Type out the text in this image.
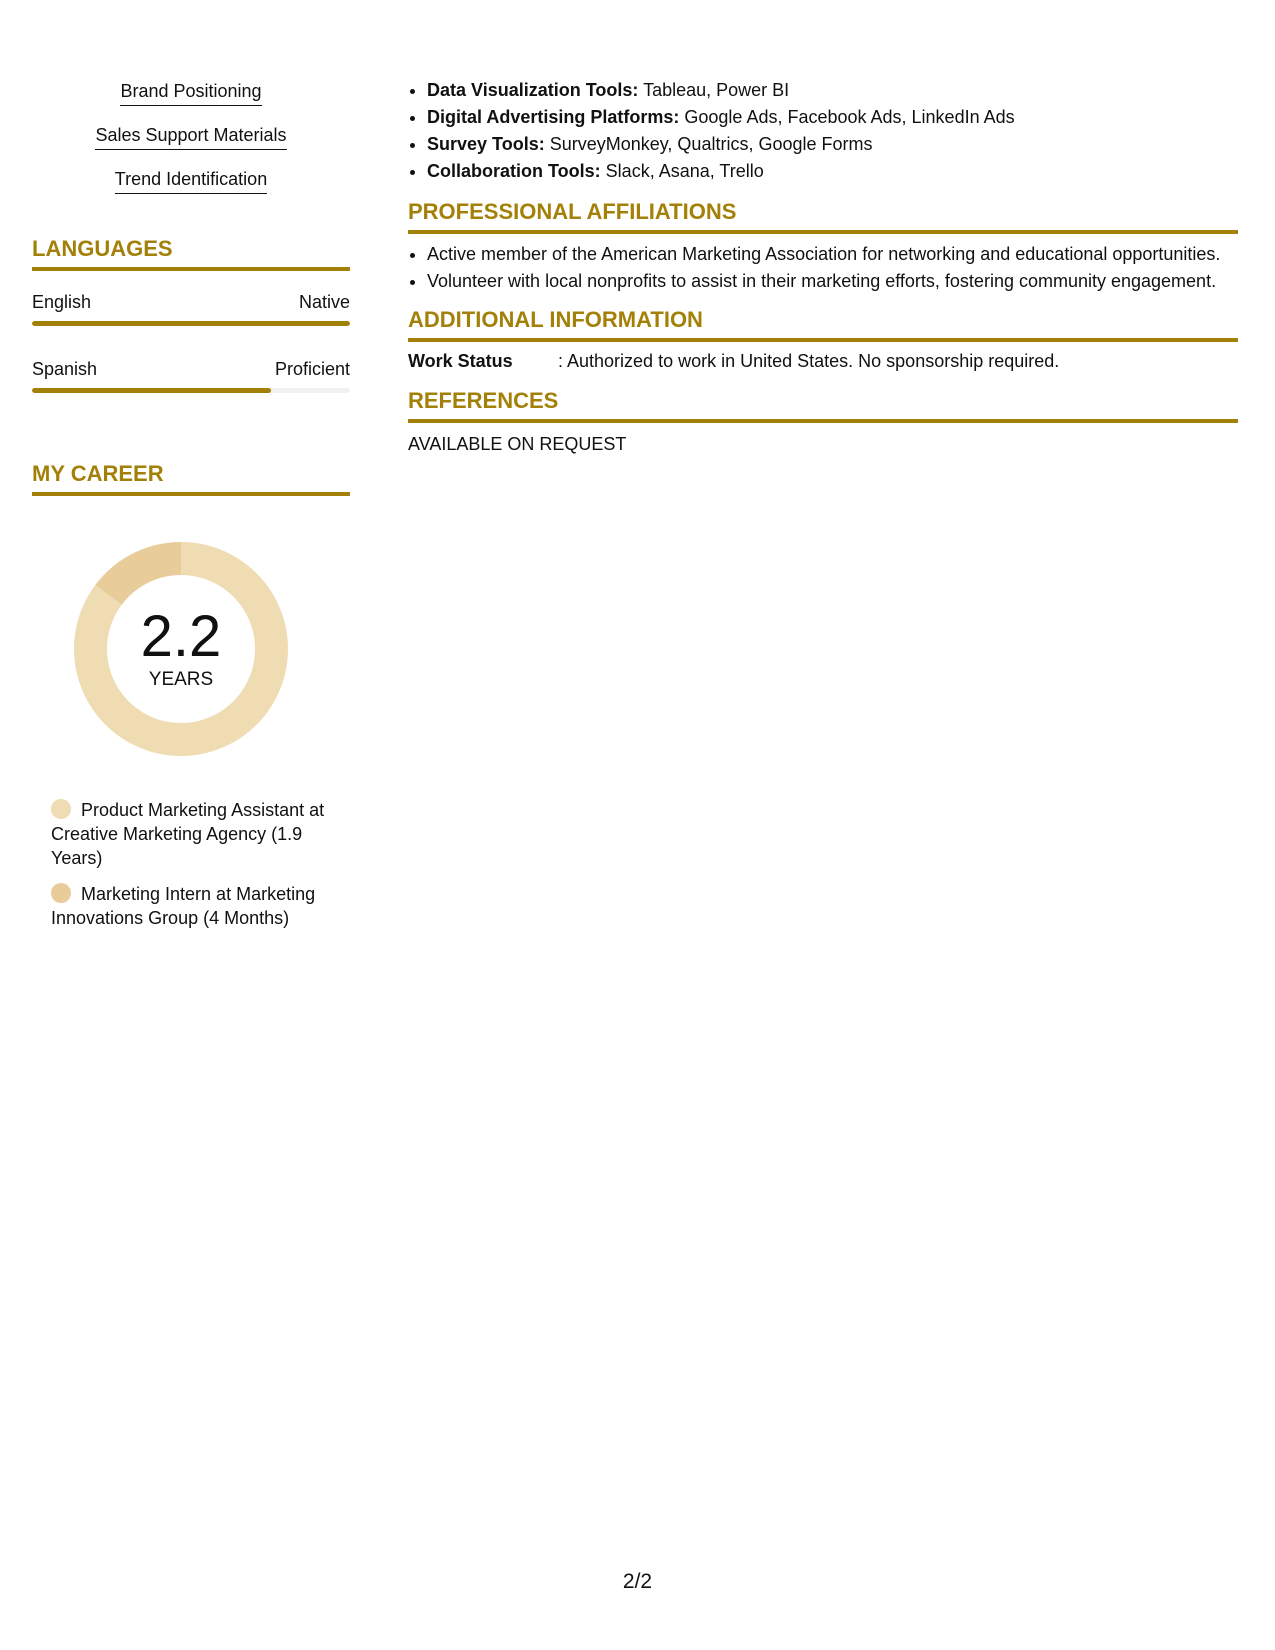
Brand Positioning
Sales Support Materials
Trend Identification
LANGUAGES
English	Native
Spanish	Proficient
MY CAREER
2.2
YEARS
Product Marketing Assistant at Creative Marketing Agency (1.9 Years)
Marketing Intern at Marketing Innovations Group (4 Months)
• Data Visualization Tools: Tableau, Power BI
• Digital Advertising Platforms: Google Ads, Facebook Ads, LinkedIn Ads
• Survey Tools: SurveyMonkey, Qualtrics, Google Forms
• Collaboration Tools: Slack, Asana, Trello
PROFESSIONAL AFFILIATIONS
• Active member of the American Marketing Association for networking and educational opportunities.
• Volunteer with local nonprofits to assist in their marketing efforts, fostering community engagement.
ADDITIONAL INFORMATION
Work Status	: Authorized to work in United States. No sponsorship required.
REFERENCES
AVAILABLE ON REQUEST
2/2
